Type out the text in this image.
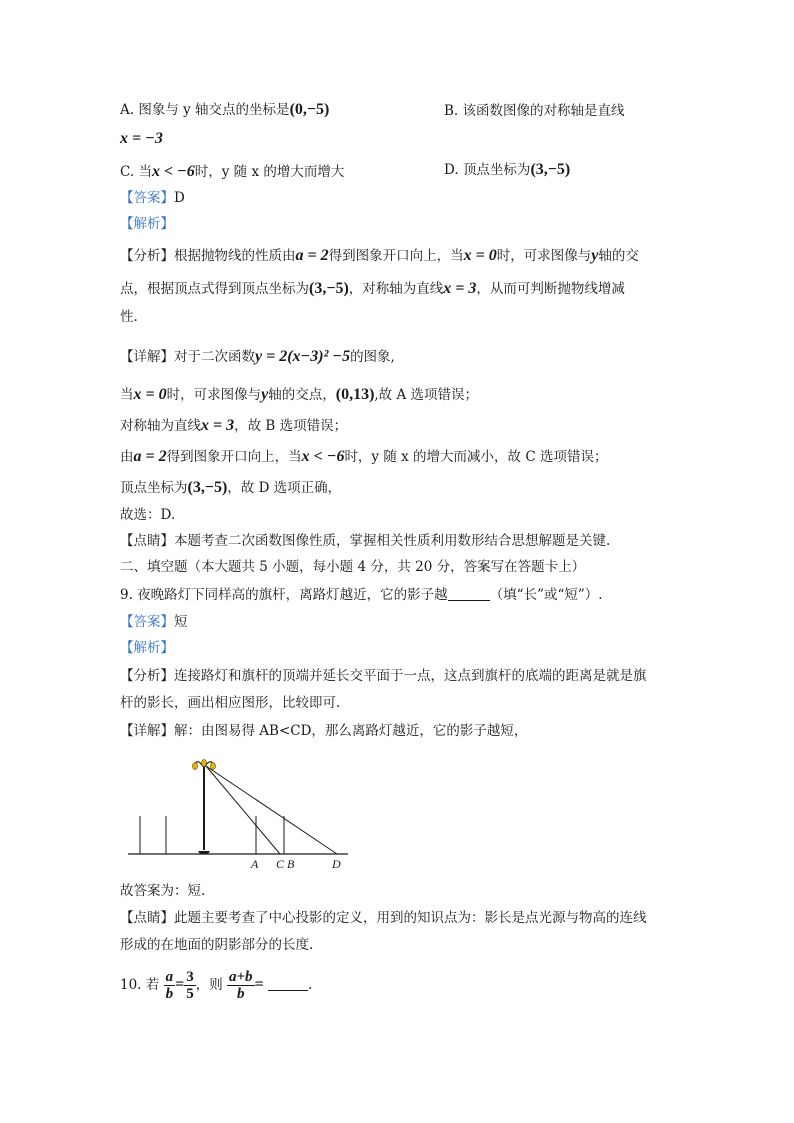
A. 图象与 y 轴交点的坐标是(0,−5)	B. 该函数图像的对称轴是直线
x = −3
C. 当x < −6时，y 随 x 的增大而增大	D. 顶点坐标为(3,−5)
【答案】D
【解析】
【分析】根据抛物线的性质由a = 2得到图象开口向上，当x = 0时，可求图像与y轴的交
点，根据顶点式得到顶点坐标为(3,−5)，对称轴为直线x = 3，从而可判断抛物线增减
性.
【详解】对于二次函数y = 2(x−3)² −5的图象,
当x = 0时，可求图像与y轴的交点，(0,13),故 A 选项错误；
对称轴为直线x = 3，故 B 选项错误；
由a = 2得到图象开口向上，当x < −6时，y 随 x 的增大而减小，故 C 选项错误；
顶点坐标为(3,−5)，故 D 选项正确，
故选：D.
【点睛】本题考查二次函数图像性质，掌握相关性质利用数形结合思想解题是关键.
二、填空题（本大题共 5 小题，每小题 4 分，共 20 分，答案写在答题卡上）
9. 夜晚路灯下同样高的旗杆，离路灯越近，它的影子越	（填“长”或“短”）.
【答案】短
【解析】
【分析】连接路灯和旗杆的顶端并延长交平面于一点，这点到旗杆的底端的距离是就是旗
杆的影长，画出相应图形，比较即可.
【详解】解：由图易得 AB<CD，那么离路灯越近，它的影子越短，
A C B	D
故答案为：短.
【点睛】此题主要考查了中心投影的定义，用到的知识点为：影长是点光源与物高的连线
形成的在地面的阴影部分的长度.
10. 若 $\frac{a}{b} = \frac{3}{5}$ ，则 $\frac{a+b}{b}$ =	.
